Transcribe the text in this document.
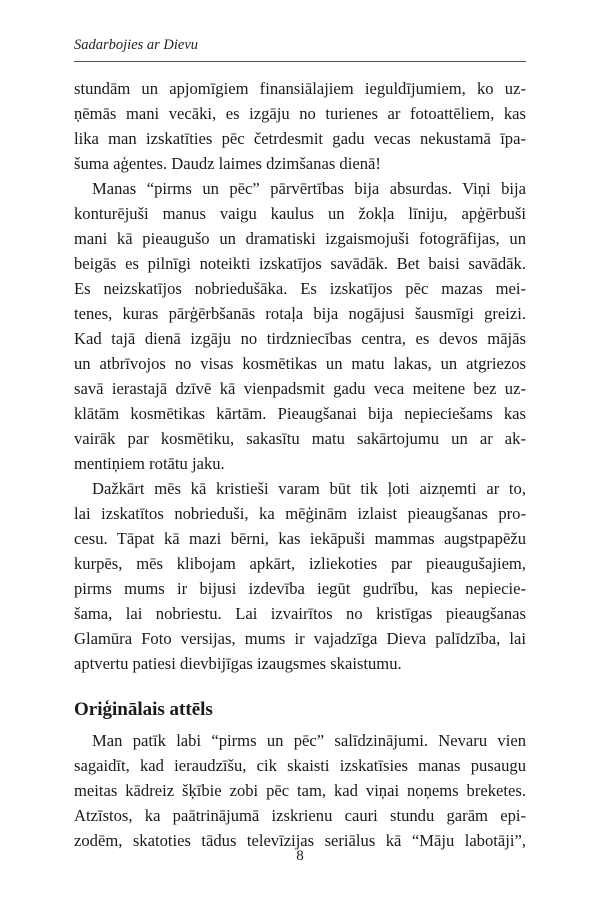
Sadarbojies ar Dievu

stundām un apjomīgiem finansiālajiem ieguldījumiem, ko uz-
ņēmās mani vecāki, es izgāju no turienes ar fotoattēliem, kas
lika man izskatīties pēc četrdesmit gadu vecas nekustamā īpa-
šuma aģentes. Daudz laimes dzimšanas dienā!

Manas “pirms un pēc” pārvērtības bija absurdas. Viņi bija
konturējuši manus vaigu kaulus un žokļa līniju, apģērbuši
mani kā pieaugušo un dramatiski izgaismojuši fotogrāfijas, un
beigās es pilnīgi noteikti izskatījos savādāk. Bet baisi savādāk.
Es neizskatījos nobriedušāka. Es izskatījos pēc mazas mei-
tenes, kuras pārģērbšanās rotaļa bija nogājusi šausmīgi greizi.
Kad tajā dienā izgāju no tirdzniecības centra, es devos mājās
un atbrīvojos no visas kosmētikas un matu lakas, un atgriezos
savā ierastajā dzīvē kā vienpadsmit gadu veca meitene bez uz-
klātām kosmētikas kārtām. Pieaugšanai bija nepieciešams kas
vairāk par kosmētiku, sakasītu matu sakārtojumu un ar ak-
mentiņiem rotātu jaku.

Dažkārt mēs kā kristieši varam būt tik ļoti aizņemti ar to,
lai izskatītos nobrieduši, ka mēģinām izlaist pieaugšanas pro-
cesu. Tāpat kā mazi bērni, kas iekāpuši mammas augstpapēžu
kurpēs, mēs klibojam apkārt, izliekoties par pieaugušajiem,
pirms mums ir bijusi izdevība iegūt gudrību, kas nepiecie-
šama, lai nobriestu. Lai izvairītos no kristīgas pieaugšanas
Glamūra Foto versijas, mums ir vajadzīga Dieva palīdzība, lai
aptvertu patiesi dievbijīgas izaugsmes skaistumu.

Oriģinālais attēls

Man patīk labi “pirms un pēc” salīdzinājumi. Nevaru vien
sagaidīt, kad ieraudzīšu, cik skaisti izskatīsies manas pusaugu
meitas kādreiz šķībie zobi pēc tam, kad viņai noņems breketes.
Atzīstos, ka paātrinājumā izskrienu cauri stundu garām epi-
zodēm, skatoties tādus televīzijas seriālus kā “Māju labotāji”,

8
